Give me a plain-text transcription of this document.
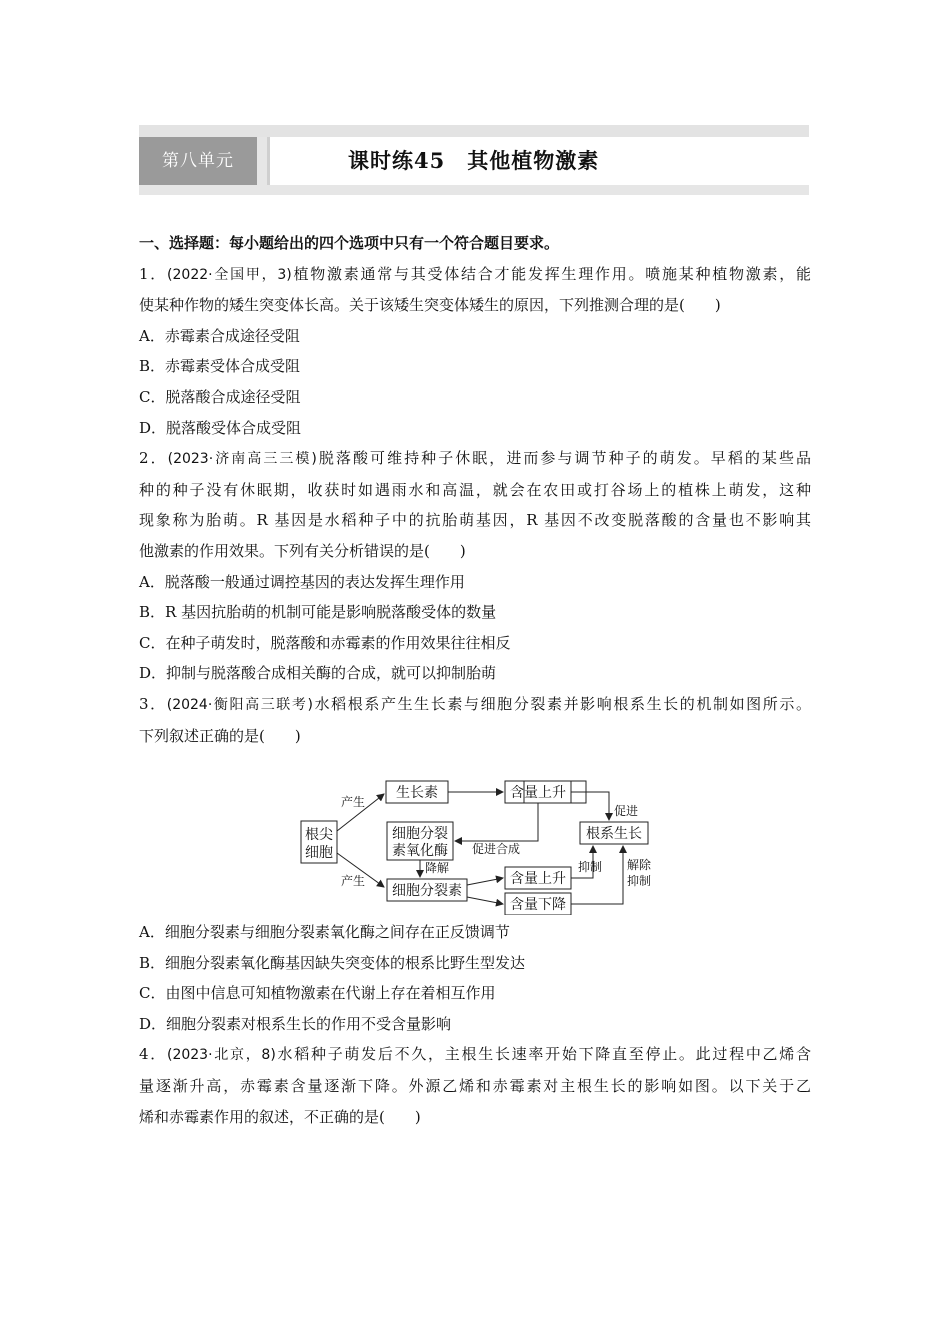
第八单元	课时练45　其他植物激素

一、选择题：每小题给出的四个选项中只有一个符合题目要求。

1．(2022·全国甲，3)植物激素通常与其受体结合才能发挥生理作用。喷施某种植物激素，能

使某种作物的矮生突变体长高。关于该矮生突变体矮生的原因，下列推测合理的是(　　)

A．赤霉素合成途径受阻

B．赤霉素受体合成受阻

C．脱落酸合成途径受阻

D．脱落酸受体合成受阻

2．(2023·济南高三三模)脱落酸可维持种子休眠，进而参与调节种子的萌发。早稻的某些品

种的种子没有休眠期，收获时如遇雨水和高温，就会在农田或打谷场上的植株上萌发，这种

现象称为胎萌。R 基因是水稻种子中的抗胎萌基因，R 基因不改变脱落酸的含量也不影响其

他激素的作用效果。下列有关分析错误的是(　　)

A．脱落酸一般通过调控基因的表达发挥生理作用

B．R 基因抗胎萌的机制可能是影响脱落酸受体的数量

C．在种子萌发时，脱落酸和赤霉素的作用效果往往相反

D．抑制与脱落酸合成相关酶的合成，就可以抑制胎萌

3．(2024·衡阳高三联考)水稻根系产生生长素与细胞分裂素并影响根系生长的机制如图所示。

下列叙述正确的是(　　)

根尖
细胞
生长素
细胞分裂
素氧化酶
细胞分裂素
含量上升
含量上升
含量下降
根系生长
产生
产生
促进合成
降解
促进
抑制 解除
抑制

A．细胞分裂素与细胞分裂素氧化酶之间存在正反馈调节

B．细胞分裂素氧化酶基因缺失突变体的根系比野生型发达

C．由图中信息可知植物激素在代谢上存在着相互作用

D．细胞分裂素对根系生长的作用不受含量影响

4．(2023·北京，8)水稻种子萌发后不久，主根生长速率开始下降直至停止。此过程中乙烯含

量逐渐升高，赤霉素含量逐渐下降。外源乙烯和赤霉素对主根生长的影响如图。以下关于乙

烯和赤霉素作用的叙述，不正确的是(　　)
